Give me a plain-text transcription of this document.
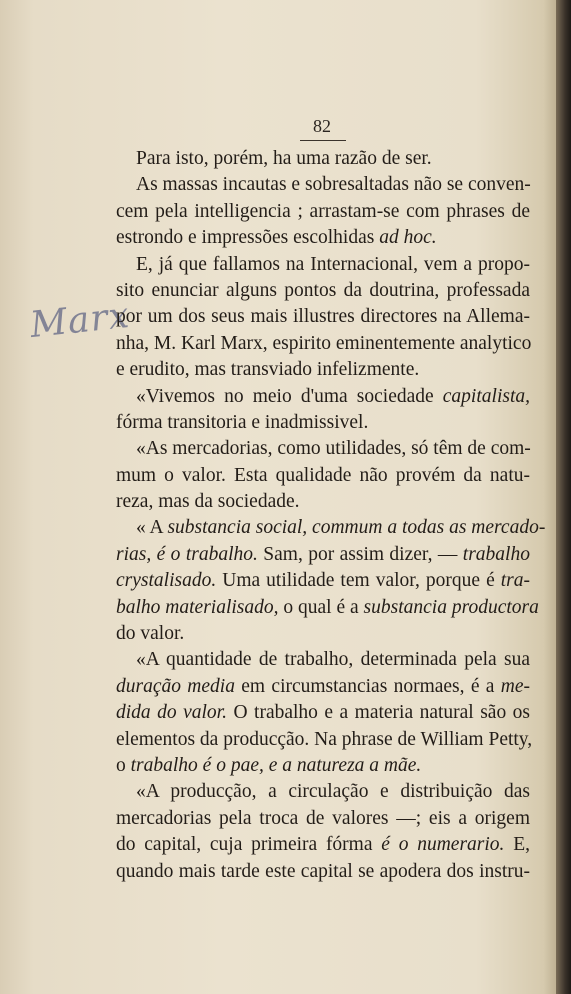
82
Marx
Para isto, porém, ha uma razão de ser.
As massas incautas e sobresaltadas não se conven-
cem pela intelligencia ; arrastam-se com phrases de
estrondo e impressões escolhidas ad hoc.
E, já que fallamos na Internacional, vem a propo-
sito enunciar alguns pontos da doutrina, professada
por um dos seus mais illustres directores na Allema-
nha, M. Karl Marx, espirito eminentemente analytico
e erudito, mas transviado infelizmente.
«Vivemos no meio d'uma sociedade capitalista,
fórma transitoria e inadmissivel.
«As mercadorias, como utilidades, só têm de com-
mum o valor. Esta qualidade não provém da natu-
reza, mas da sociedade.
« A substancia social, commum a todas as mercado-
rias, é o trabalho. Sam, por assim dizer, — trabalho
crystalisado. Uma utilidade tem valor, porque é tra-
balho materialisado, o qual é a substancia productora
do valor.
«A quantidade de trabalho, determinada pela sua
duração media em circumstancias normaes, é a me-
dida do valor. O trabalho e a materia natural são os
elementos da producção. Na phrase de William Petty,
o trabalho é o pae, e a natureza a mãe.
«A producção, a circulação e distribuição das
mercadorias pela troca de valores —; eis a origem
do capital, cuja primeira fórma é o numerario. E,
quando mais tarde este capital se apodera dos instru-
